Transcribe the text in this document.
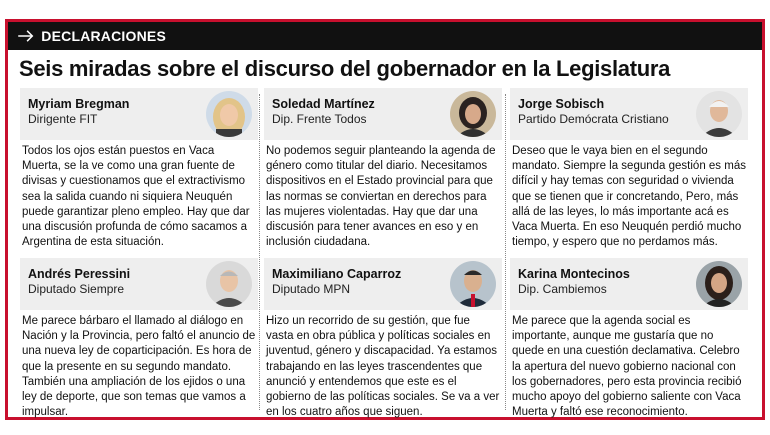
DECLARACIONES
Seis miradas sobre el discurso del gobernador en la Legislatura
Myriam Bregman
Dirigente FIT
Todos los ojos están puestos en Vaca Muerta, se la ve como una gran fuente de divisas y cuestionamos que el extractivismo sea la salida cuando ni siquiera Neuquén puede garantizar pleno empleo. Hay que dar una discusión profunda de cómo sacamos a Argentina de esta situación.
Andrés Peressini
Diputado Siempre
Me parece bárbaro el llamado al diálogo en Nación y la Provincia, pero faltó el anuncio de una nueva ley de coparticipación. Es hora de que la presente en su segundo mandato. También una ampliación de los ejidos o una ley de deporte, que son temas que vamos a impulsar.
Soledad Martínez
Dip. Frente Todos
No podemos seguir planteando la agenda de género como titular del diario. Necesitamos dispositivos en el Estado provincial para que las normas se conviertan en derechos para las mujeres violentadas. Hay que dar una discusión para tener avances en eso y en inclusión ciudadana.
Maximiliano Caparroz
Diputado MPN
Hizo un recorrido de su gestión, que fue vasta en obra pública y políticas sociales en juventud, género y discapacidad. Ya estamos trabajando en las leyes trascendentes que anunció y entendemos que este es el gobierno de las políticas sociales. Se va a ver en los cuatro años que siguen.
Jorge Sobisch
Partido Demócrata Cristiano
Deseo que le vaya bien en el segundo mandato. Siempre la segunda gestión es más difícil y hay temas con seguridad o vivienda que se tienen que ir concretando, Pero, más allá de las leyes, lo más importante acá es Vaca Muerta. En eso Neuquén perdió mucho tiempo, y espero que no perdamos más.
Karina Montecinos
Dip. Cambiemos
Me parece que la agenda social es importante, aunque me gustaría que no quede en una cuestión declamativa. Celebro la apertura del nuevo gobierno nacional con los gobernadores, pero esta provincia recibió mucho apoyo del gobierno saliente con Vaca Muerta y faltó ese reconocimiento.
